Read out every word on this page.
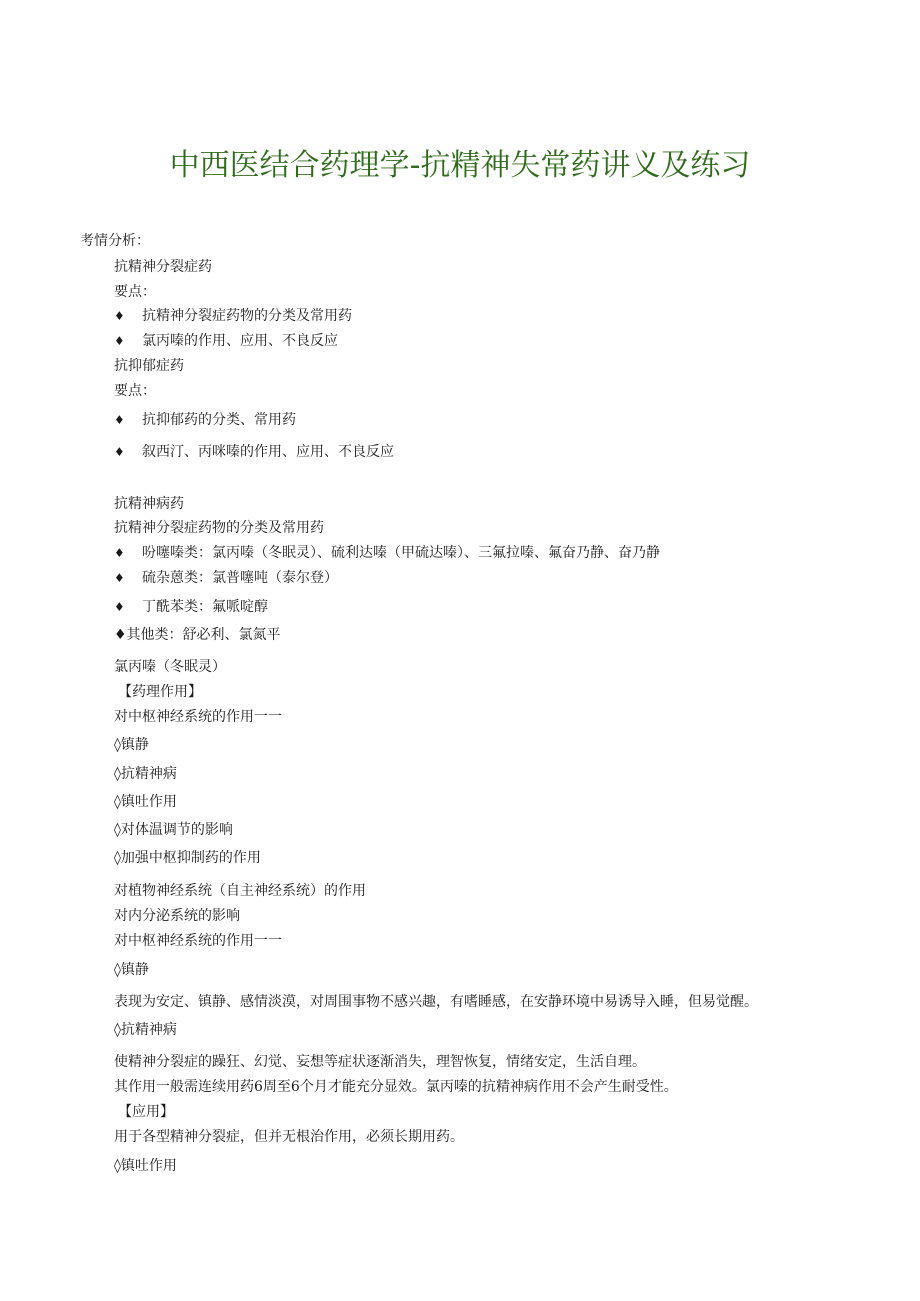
中西医结合药理学-抗精神失常药讲义及练习
考情分析：
抗精神分裂症药
要点：
♦ 抗精神分裂症药物的分类及常用药
♦ 氯丙嗪的作用、应用、不良反应
抗抑郁症药
要点：
♦ 抗抑郁药的分类、常用药
♦ 叙西汀、丙咪嗪的作用、应用、不良反应
抗精神病药
抗精神分裂症药物的分类及常用药
♦ 吩噻嗪类：氯丙嗪（冬眠灵）、硫利达嗪（甲硫达嗪）、三氟拉嗪、氟奋乃静、奋乃静
♦ 硫杂蒽类：氯普噻吨（泰尔登）
♦ 丁酰苯类：氟哌啶醇
♦其他类：舒必利、氯氮平
氯丙嗪（冬眠灵）
【药理作用】
对中枢神经系统的作用一一
◊镇静
◊抗精神病
◊镇吐作用
◊对体温调节的影响
◊加强中枢抑制药的作用
对植物神经系统（自主神经系统）的作用
对内分泌系统的影响
对中枢神经系统的作用一一
◊镇静
表现为安定、镇静、感情淡漠，对周围事物不感兴趣，有嗜睡感，在安静环境中易诱导入睡，但易觉醒。
◊抗精神病
使精神分裂症的躁狂、幻觉、妄想等症状逐渐消失，理智恢复，情绪安定，生活自理。
其作用一般需连续用药6周至6个月才能充分显效。氯丙嗪的抗精神病作用不会产生耐受性。
【应用】
用于各型精神分裂症，但并无根治作用，必须长期用药。
◊镇吐作用
